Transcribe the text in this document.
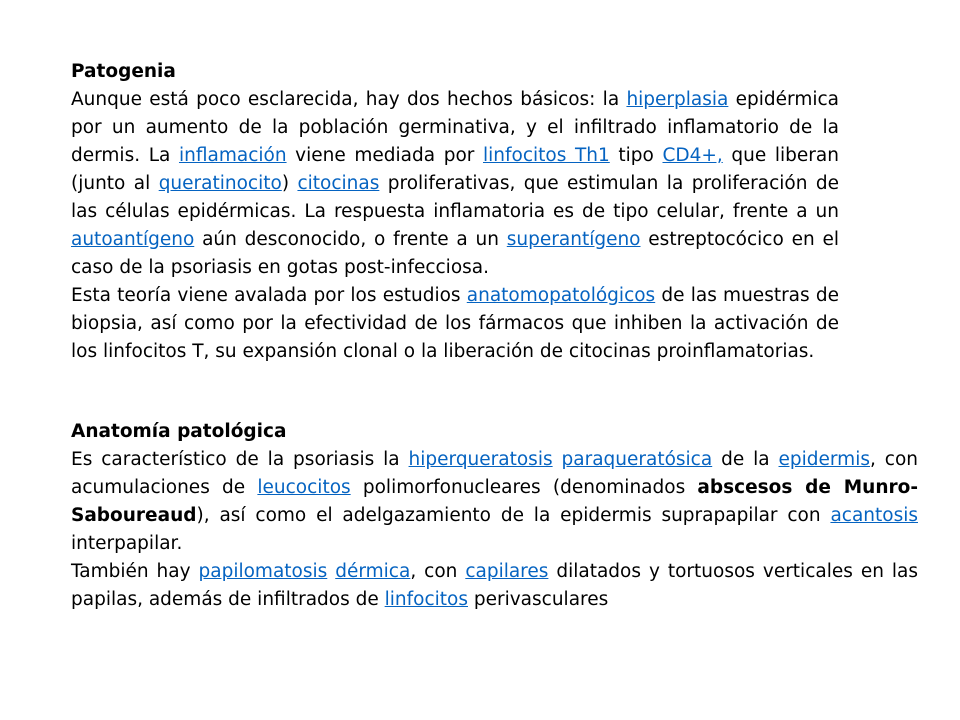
Patogenia

Aunque está poco esclarecida, hay dos hechos básicos: la hiperplasia epidérmica por un aumento de la población germinativa, y el infiltrado inflamatorio de la dermis. La inflamación viene mediada por linfocitos Th1 tipo CD4+, que liberan (junto al queratinocito) citocinas proliferativas, que estimulan la proliferación de las células epidérmicas. La respuesta inflamatoria es de tipo celular, frente a un autoantígeno aún desconocido, o frente a un superantígeno estreptocócico en el caso de la psoriasis en gotas post-infecciosa.

Esta teoría viene avalada por los estudios anatomopatológicos de las muestras de biopsia, así como por la efectividad de los fármacos que inhiben la activación de los linfocitos T, su expansión clonal o la liberación de citocinas proinflamatorias.

Anatomía patológica

Es característico de la psoriasis la hiperqueratosis paraqueratósica de la epidermis, con acumulaciones de leucocitos polimorfonucleares (denominados abscesos de Munro-Saboureaud), así como el adelgazamiento de la epidermis suprapapilar con acantosis interpapilar.

También hay papilomatosis dérmica, con capilares dilatados y tortuosos verticales en las papilas, además de infiltrados de linfocitos perivasculares
